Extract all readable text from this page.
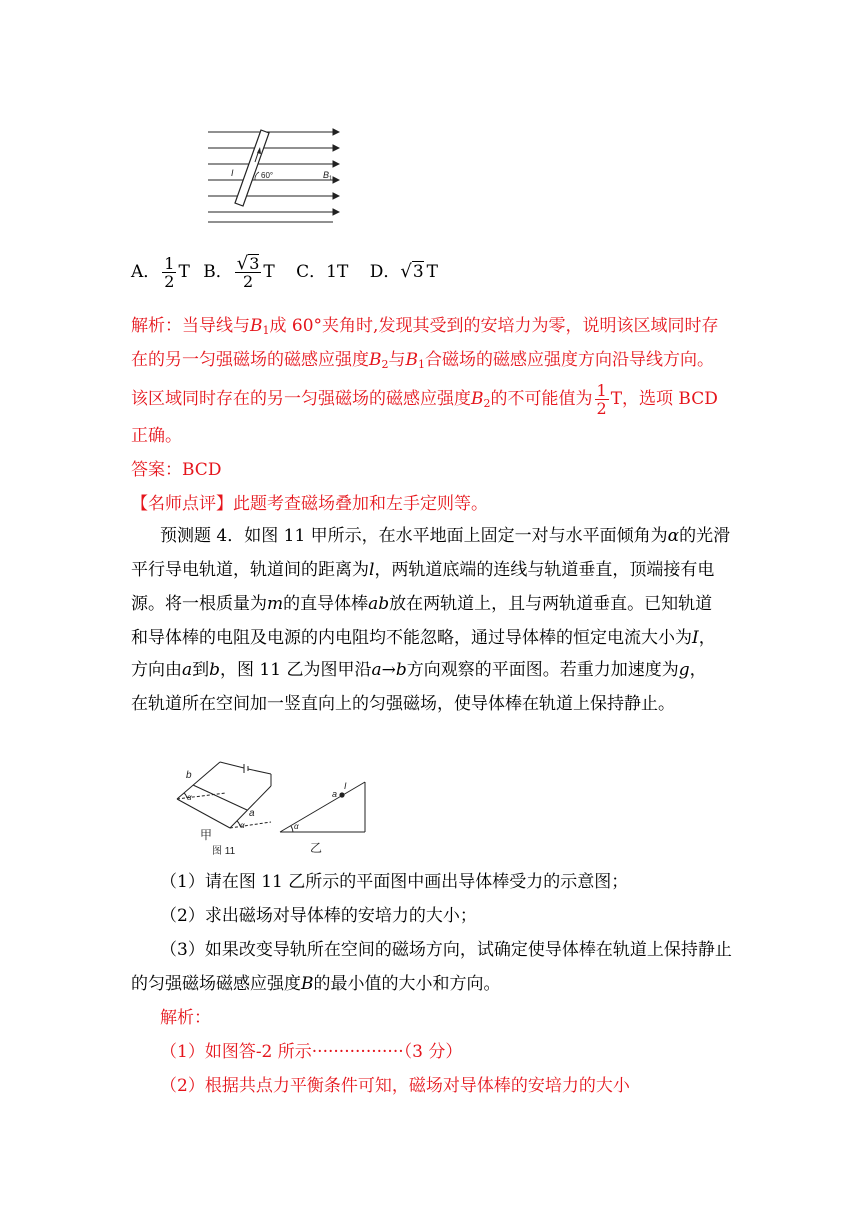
I	60°	$B_1$
A． $\frac{1}{2}$ T B． $\frac{√3}{2}$ T C．1T D．√3 T
解析：当导线与$B_1$成 60°夹角时,发现其受到的安培力为零，说明该区域同时存
在的另一匀强磁场的磁感应强度$B_2$与$B_1$合磁场的磁感应强度方向沿导线方向。
该区域同时存在的另一匀强磁场的磁感应强度$B_2$的不可能值为 $\frac{1}{2}$ T，选项 BCD
正确。
答案：BCD
【名师点评】此题考查磁场叠加和左手定则等。
预测题 4．如图 11 甲所示，在水平地面上固定一对与水平面倾角为α的光滑
平行导电轨道，轨道间的距离为l，两轨道底端的连线与轨道垂直，顶端接有电
源。将一根质量为m的直导体棒ab放在两轨道上，且与两轨道垂直。已知轨道
和导体棒的电阻及电源的内电阻均不能忽略，通过导体棒的恒定电流大小为I，
方向由a到b，图 11 乙为图甲沿a→b方向观察的平面图。若重力加速度为g，
在轨道所在空间加一竖直向上的匀强磁场，使导体棒在轨道上保持静止。
b
a
α
α
甲
a
I
α
乙
图 11
（1）请在图 11 乙所示的平面图中画出导体棒受力的示意图；
（2）求出磁场对导体棒的安培力的大小；
（3）如果改变导轨所在空间的磁场方向，试确定使导体棒在轨道上保持静止
的匀强磁场磁感应强度B的最小值的大小和方向。
解析：
（1）如图答-2 所示·················（3 分）
（2）根据共点力平衡条件可知，磁场对导体棒的安培力的大小
